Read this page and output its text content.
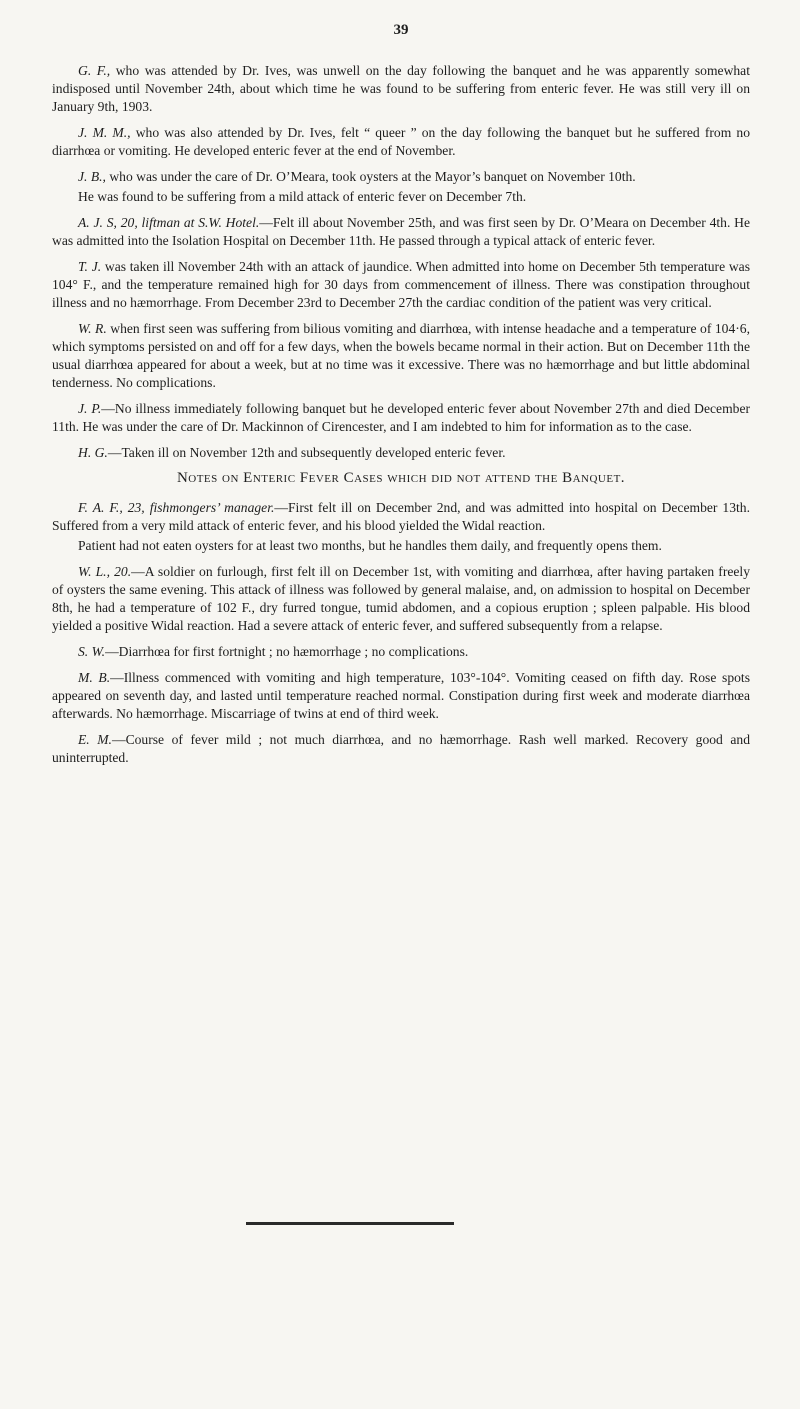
39

G. F., who was attended by Dr. Ives, was unwell on the day following the banquet and he was apparently somewhat indisposed until November 24th, about which time he was found to be suffering from enteric fever. He was still very ill on January 9th, 1903.

J. M. M., who was also attended by Dr. Ives, felt “ queer ” on the day following the banquet but he suffered from no diarrhœa or vomiting. He developed enteric fever at the end of November.

J. B., who was under the care of Dr. O’Meara, took oysters at the Mayor’s banquet on November 10th.

He was found to be suffering from a mild attack of enteric fever on December 7th.

A. J. S, 20, liftman at S.W. Hotel.—Felt ill about November 25th, and was first seen by Dr. O’Meara on December 4th. He was admitted into the Isolation Hospital on December 11th. He passed through a typical attack of enteric fever.

T. J. was taken ill November 24th with an attack of jaundice. When admitted into home on December 5th temperature was 104° F., and the temperature remained high for 30 days from commencement of illness. There was constipation throughout illness and no hæmorrhage. From December 23rd to December 27th the cardiac condition of the patient was very critical.

W. R. when first seen was suffering from bilious vomiting and diarrhœa, with intense headache and a temperature of 104·6, which symptoms persisted on and off for a few days, when the bowels became normal in their action. But on December 11th the usual diarrhœa appeared for about a week, but at no time was it excessive. There was no hæmorrhage and but little abdominal tenderness. No complications.

J. P.—No illness immediately following banquet but he developed enteric fever about November 27th and died December 11th. He was under the care of Dr. Mackinnon of Cirencester, and I am indebted to him for information as to the case.

H. G.—Taken ill on November 12th and subsequently developed enteric fever.

Notes on Enteric Fever Cases which did not attend the Banquet.

F. A. F., 23, fishmongers’ manager.—First felt ill on December 2nd, and was admitted into hospital on December 13th. Suffered from a very mild attack of enteric fever, and his blood yielded the Widal reaction.

Patient had not eaten oysters for at least two months, but he handles them daily, and frequently opens them.

W. L., 20.—A soldier on furlough, first felt ill on December 1st, with vomiting and diarrhœa, after having partaken freely of oysters the same evening. This attack of illness was followed by general malaise, and, on admission to hospital on December 8th, he had a temperature of 102 F., dry furred tongue, tumid abdomen, and a copious eruption ; spleen palpable. His blood yielded a positive Widal reaction. Had a severe attack of enteric fever, and suffered subsequently from a relapse.

S. W.—Diarrhœa for first fortnight ; no hæmorrhage ; no complications.

M. B.—Illness commenced with vomiting and high temperature, 103°-104°. Vomiting ceased on fifth day. Rose spots appeared on seventh day, and lasted until temperature reached normal. Constipation during first week and moderate diarrhœa afterwards. No hæmorrhage. Miscarriage of twins at end of third week.

E. M.—Course of fever mild ; not much diarrhœa, and no hæmorrhage. Rash well marked. Recovery good and uninterrupted.
